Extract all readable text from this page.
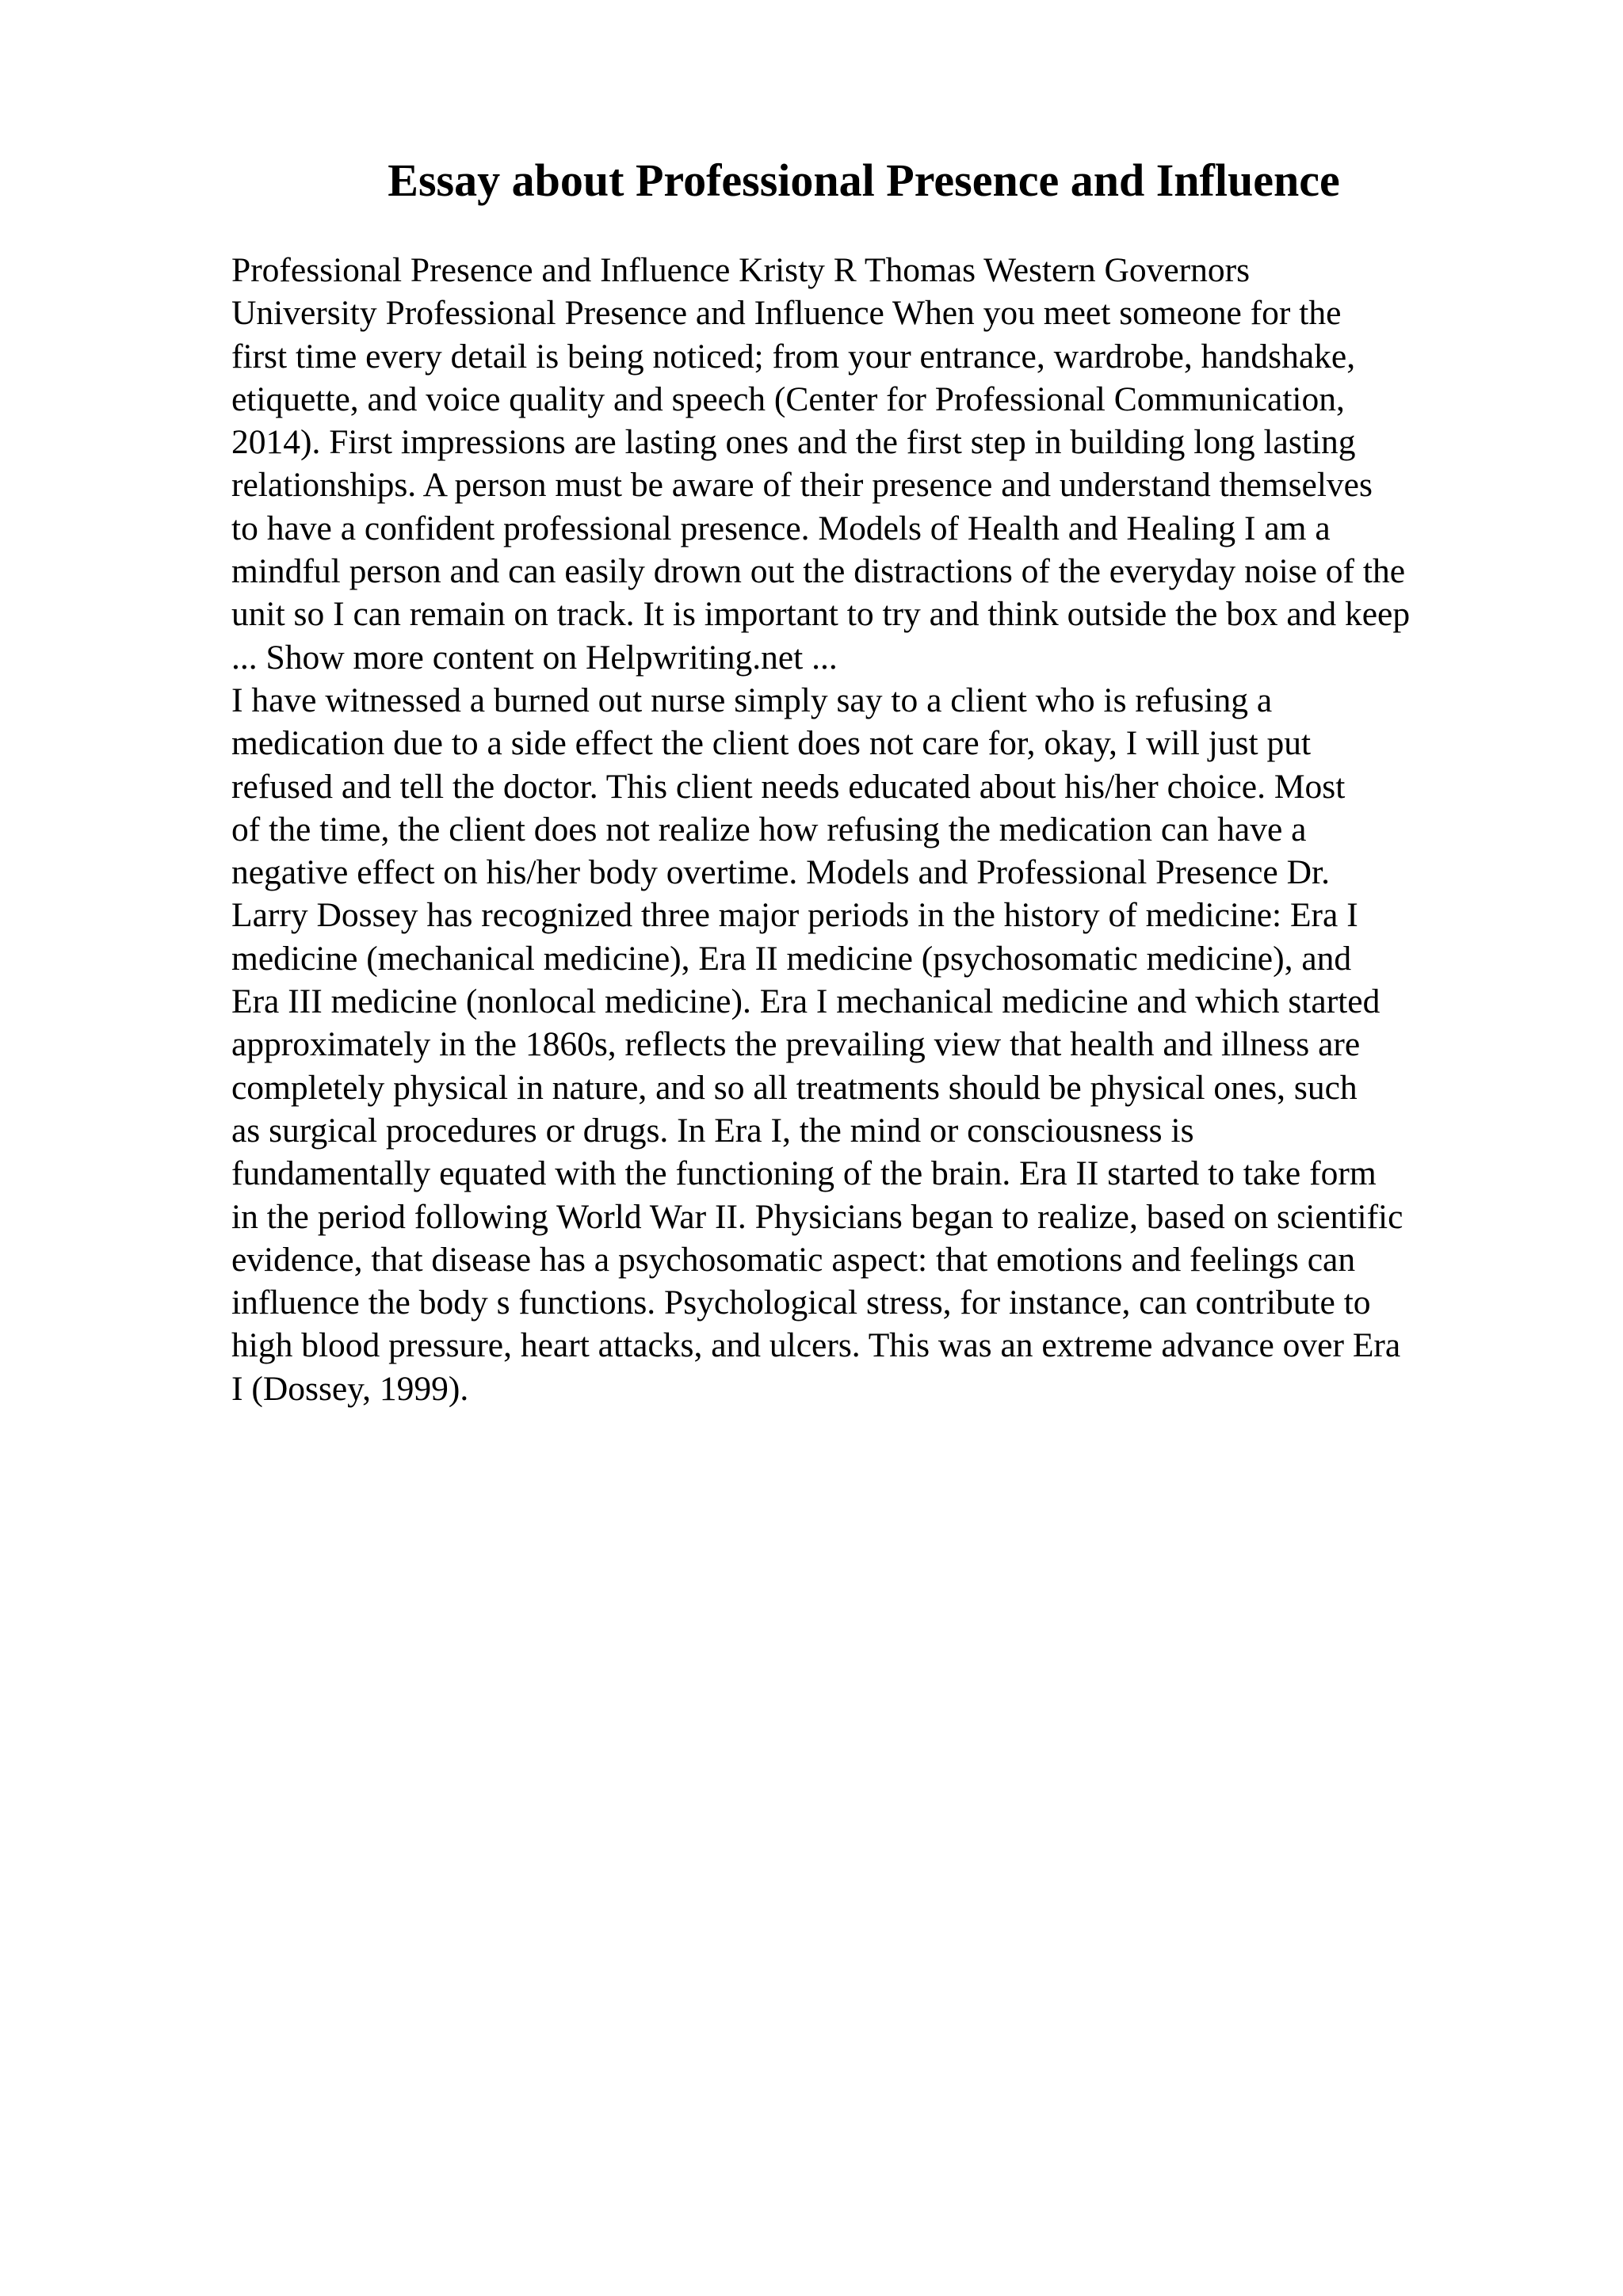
Essay about Professional Presence and Influence
Professional Presence and Influence Kristy R Thomas Western Governors
University Professional Presence and Influence When you meet someone for the
first time every detail is being noticed; from your entrance, wardrobe, handshake,
etiquette, and voice quality and speech (Center for Professional Communication,
2014). First impressions are lasting ones and the first step in building long lasting
relationships. A person must be aware of their presence and understand themselves
to have a confident professional presence. Models of Health and Healing I am a
mindful person and can easily drown out the distractions of the everyday noise of the
unit so I can remain on track. It is important to try and think outside the box and keep
... Show more content on Helpwriting.net ...
I have witnessed a burned out nurse simply say to a client who is refusing a
medication due to a side effect the client does not care for, okay, I will just put
refused and tell the doctor. This client needs educated about his/her choice. Most
of the time, the client does not realize how refusing the medication can have a
negative effect on his/her body overtime. Models and Professional Presence Dr.
Larry Dossey has recognized three major periods in the history of medicine: Era I
medicine (mechanical medicine), Era II medicine (psychosomatic medicine), and
Era III medicine (nonlocal medicine). Era I mechanical medicine and which started
approximately in the 1860s, reflects the prevailing view that health and illness are
completely physical in nature, and so all treatments should be physical ones, such
as surgical procedures or drugs. In Era I, the mind or consciousness is
fundamentally equated with the functioning of the brain. Era II started to take form
in the period following World War II. Physicians began to realize, based on scientific
evidence, that disease has a psychosomatic aspect: that emotions and feelings can
influence the body s functions. Psychological stress, for instance, can contribute to
high blood pressure, heart attacks, and ulcers. This was an extreme advance over Era
I (Dossey, 1999).
